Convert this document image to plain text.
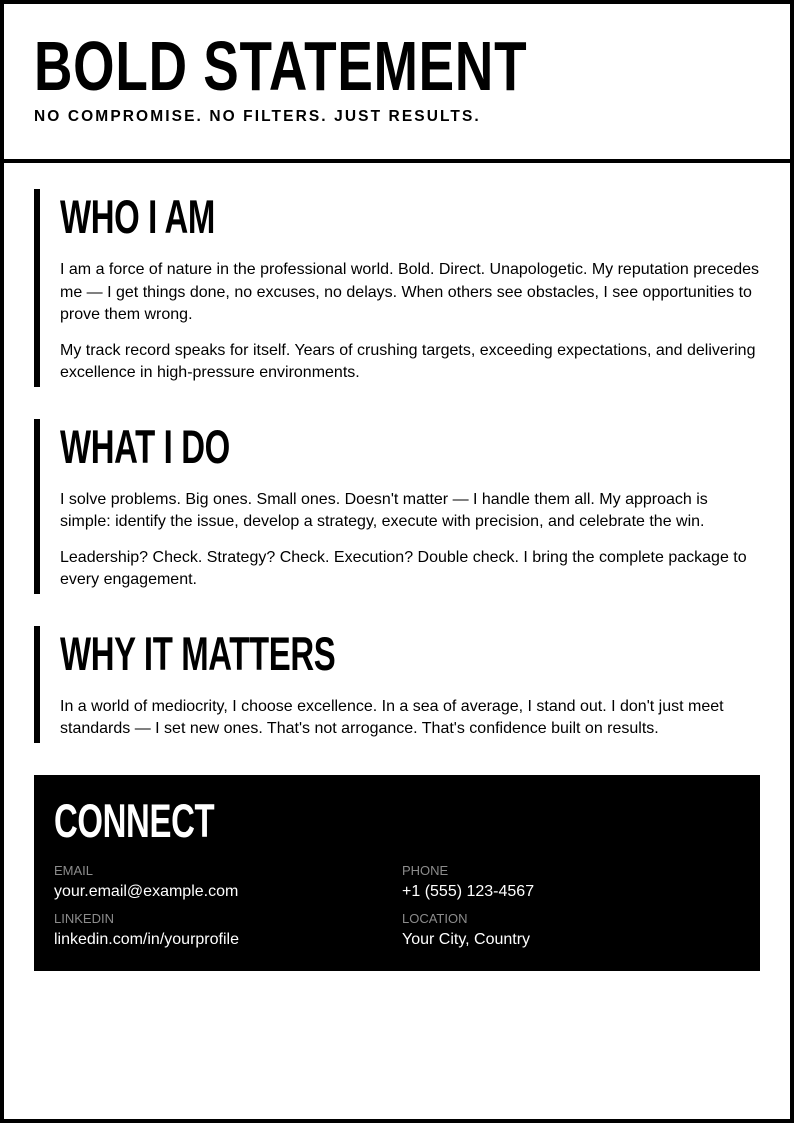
BOLD STATEMENT
NO COMPROMISE. NO FILTERS. JUST RESULTS.
WHO I AM

I am a force of nature in the professional world. Bold. Direct. Unapologetic. My reputation precedes me — I get things done, no excuses, no delays. When others see obstacles, I see opportunities to prove them wrong.

My track record speaks for itself. Years of crushing targets, exceeding expectations, and delivering excellence in high-pressure environments.

WHAT I DO

I solve problems. Big ones. Small ones. Doesn't matter — I handle them all. My approach is simple: identify the issue, develop a strategy, execute with precision, and celebrate the win.

Leadership? Check. Strategy? Check. Execution? Double check. I bring the complete package to every engagement.

WHY IT MATTERS

In a world of mediocrity, I choose excellence. In a sea of average, I stand out. I don't just meet standards — I set new ones. That's not arrogance. That's confidence built on results.

CONNECT
EMAIL
your.email@example.com
PHONE
+1 (555) 123-4567
LINKEDIN
linkedin.com/in/yourprofile
LOCATION
Your City, Country
